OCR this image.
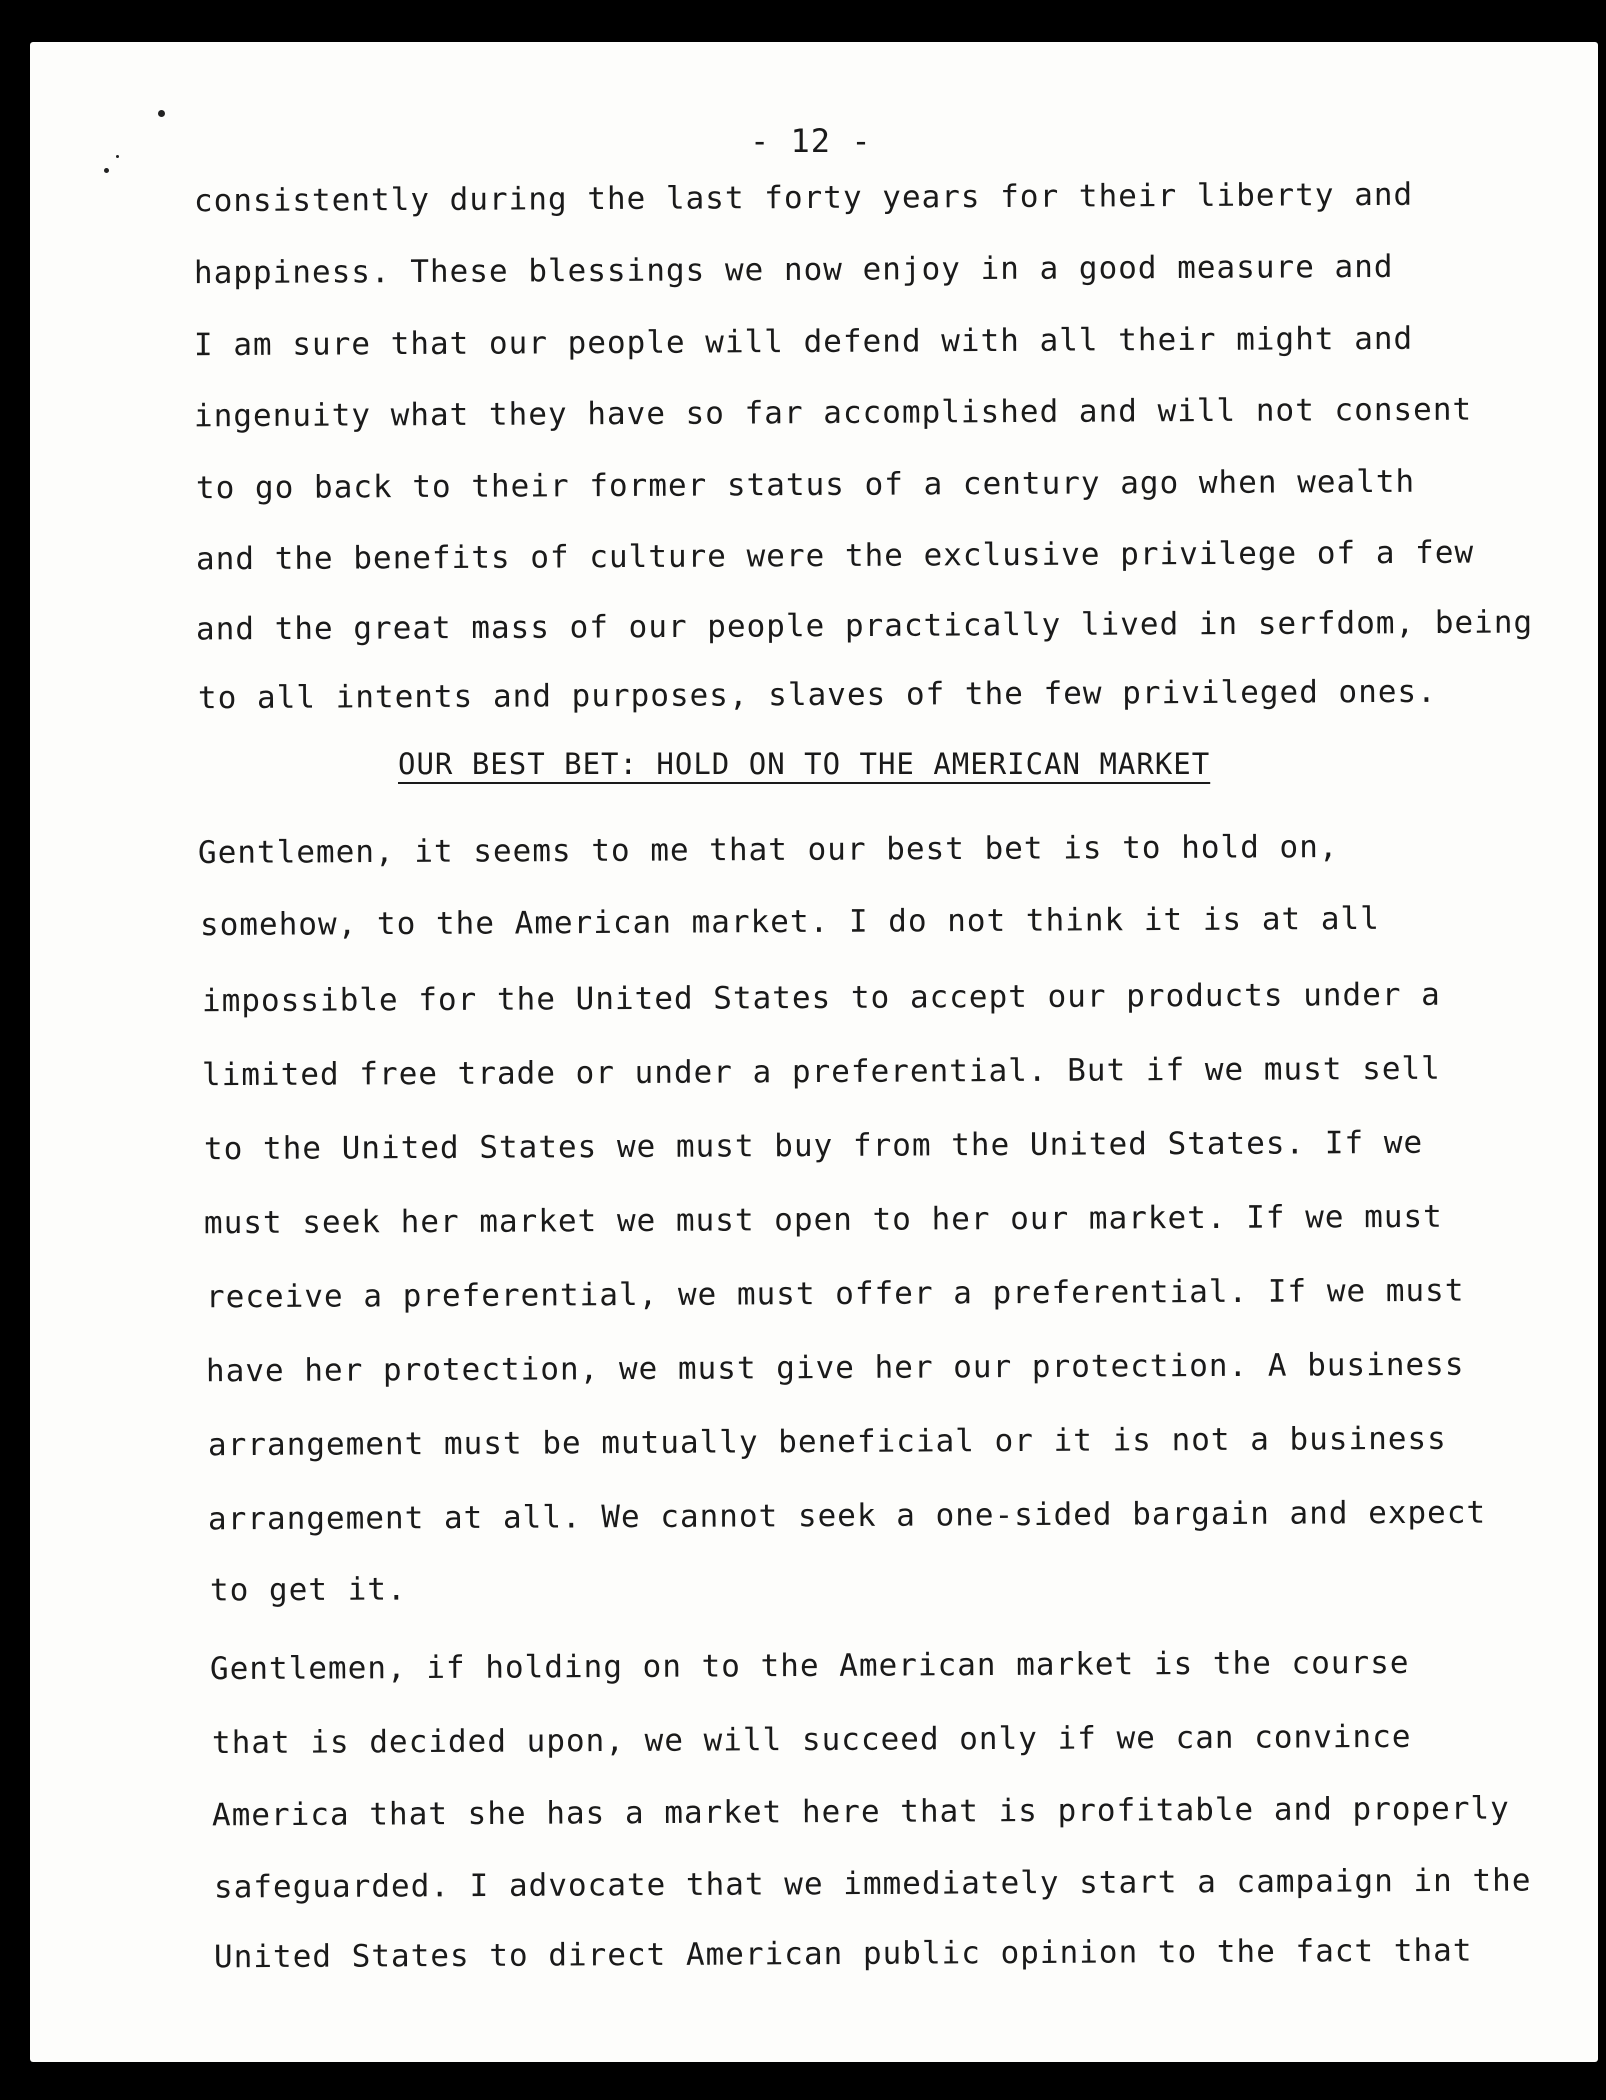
- 12 -
consistently during the last forty years for their liberty and
happiness. These blessings we now enjoy in a good measure and
I am sure that our people will defend with all their might and
ingenuity what they have so far accomplished and will not consent
to go back to their former status of a century ago when wealth
and the benefits of culture were the exclusive privilege of a few
and the great mass of our people practically lived in serfdom, being
to all intents and purposes, slaves of the few privileged ones.
OUR BEST BET: HOLD ON TO THE AMERICAN MARKET
Gentlemen, it seems to me that our best bet is to hold on,
somehow, to the American market. I do not think it is at all
impossible for the United States to accept our products under a
limited free trade or under a preferential. But if we must sell
to the United States we must buy from the United States. If we
must seek her market we must open to her our market. If we must
receive a preferential, we must offer a preferential. If we must
have her protection, we must give her our protection. A business
arrangement must be mutually beneficial or it is not a business
arrangement at all. We cannot seek a one-sided bargain and expect
to get it.
Gentlemen, if holding on to the American market is the course
that is decided upon, we will succeed only if we can convince
America that she has a market here that is profitable and properly
safeguarded. I advocate that we immediately start a campaign in the
United States to direct American public opinion to the fact that
